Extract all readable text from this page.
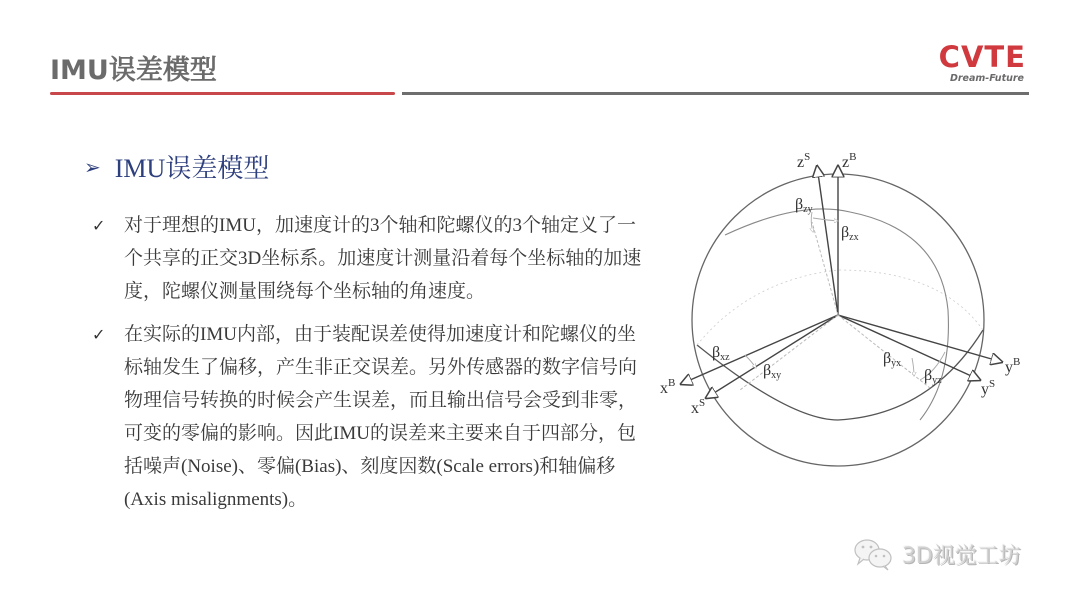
IMU误差模型	CVTE
Dream-Future
➢ IMU误差模型
✓ 对于理想的IMU，加速度计的3个轴和陀螺仪的3个轴定义了一个共享的正交3D坐标系。加速度计测量沿着每个坐标轴的加速度，陀螺仪测量围绕每个坐标轴的角速度。
✓ 在实际的IMU内部，由于装配误差使得加速度计和陀螺仪的坐标轴发生了偏移，产生非正交误差。另外传感器的数字信号向物理信号转换的时候会产生误差，而且输出信号会受到非零，可变的零偏的影响。因此IMU的误差来主要来自于四部分，包括噪声(Noise)、零偏(Bias)、刻度因数(Scale errors)和轴偏移(Axis misalignments)。
$z^S$ $z^B$
$x^B$
$x^S$
$y^B$
$y^S$
βzy
βzx
βxz
βxy
βyx
βyz
3D视觉工坊
